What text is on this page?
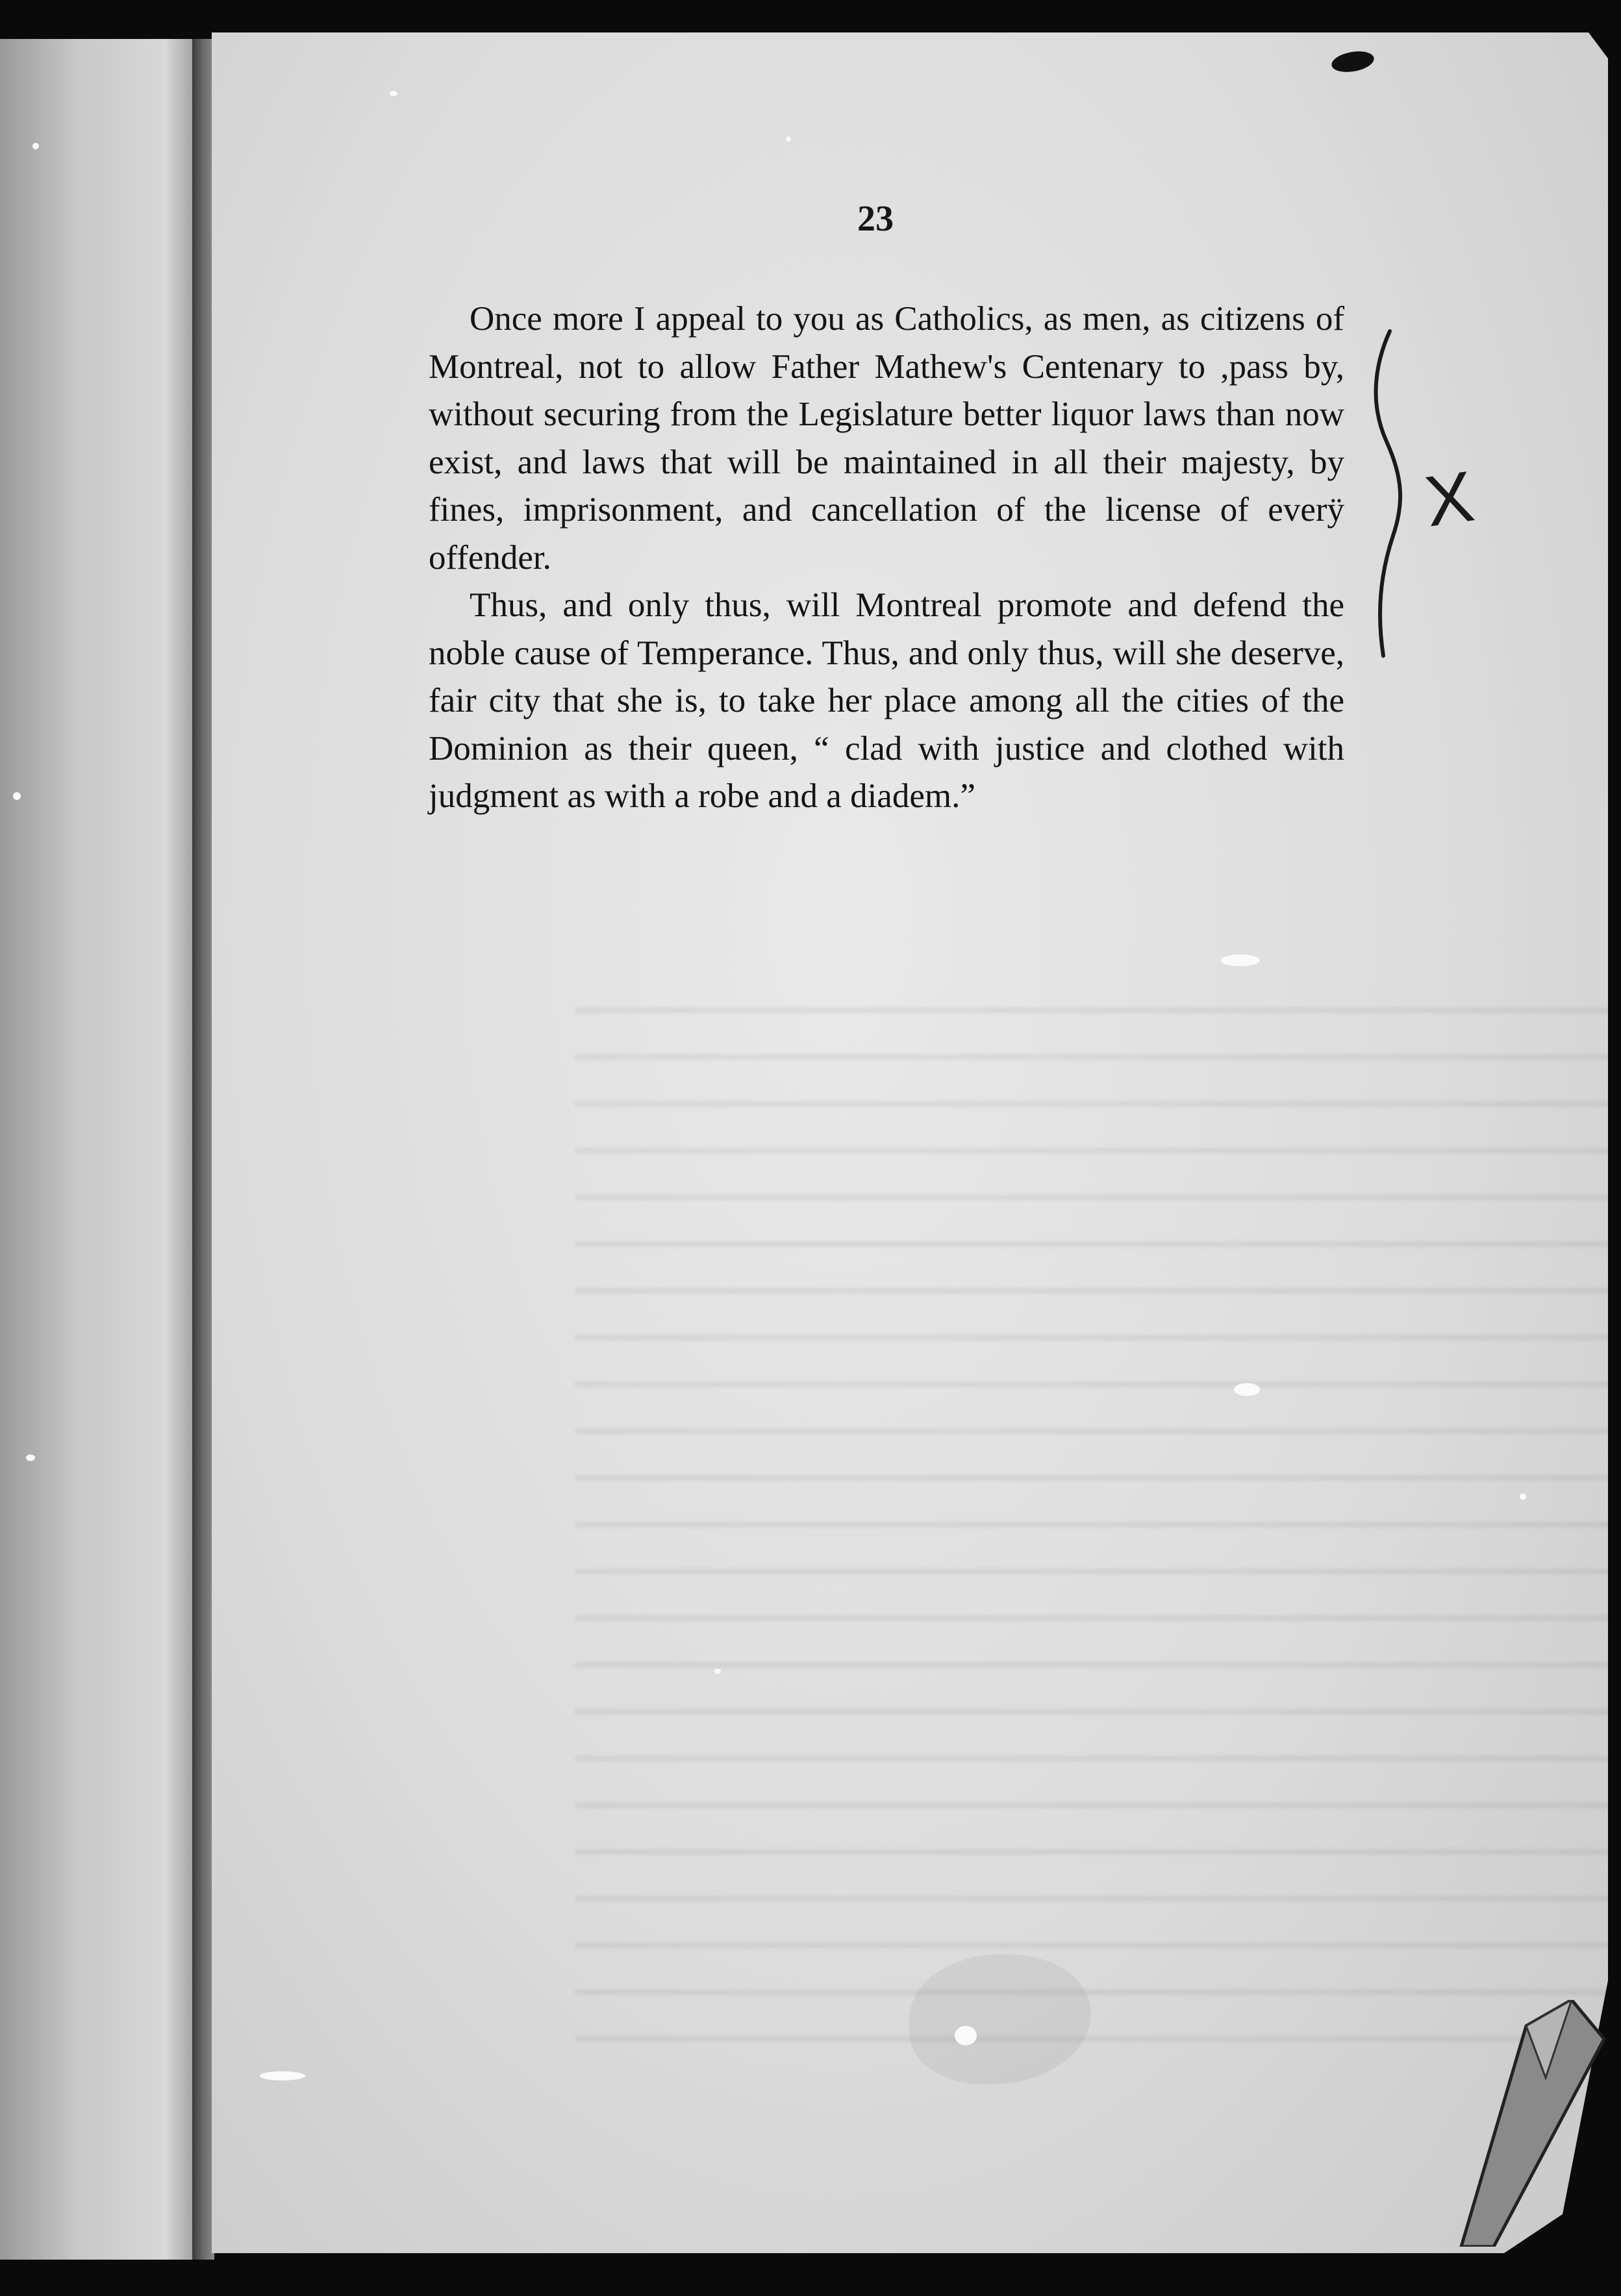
23

Once more I appeal to you as Catholics, as men, as citizens of Montreal, not to allow Father Mathew's Centenary to ,pass by, without securing from the Legislature better liquor laws than now exist, and laws that will be maintained in all their majesty, by fines, imprisonment, and cancellation of the license of everÿ offender.

Thus, and only thus, will Montreal promote and defend the noble cause of Temperance. Thus, and only thus, will she deserve, fair city that she is, to take her place among all the cities of the Dominion as their queen, “ clad with justice and clothed with judgment as with a robe and a diadem.”

X
